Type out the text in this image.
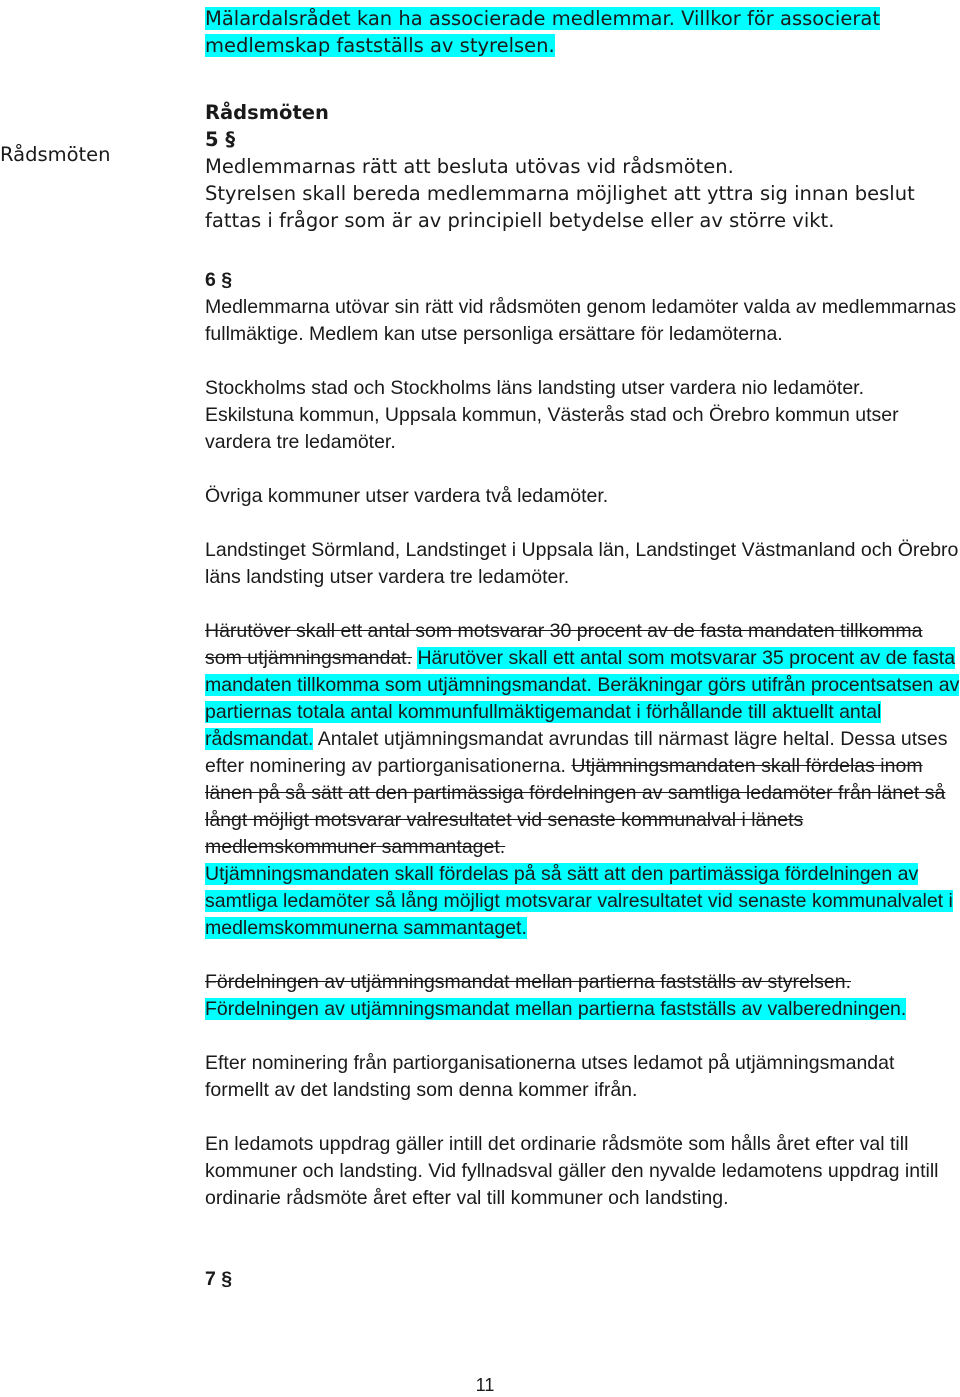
Rådsmöten

Mälardalsrådet kan ha associerade medlemmar. Villkor för associerat medlemskap fastställs av styrelsen.

Rådsmöten

5 §

Medlemmarnas rätt att besluta utövas vid rådsmöten.

Styrelsen skall bereda medlemmarna möjlighet att yttra sig innan beslut fattas i frågor som är av principiell betydelse eller av större vikt.

6 §

Medlemmarna utövar sin rätt vid rådsmöten genom ledamöter valda av medlemmarnas fullmäktige. Medlem kan utse personliga ersättare för ledamöterna.

Stockholms stad och Stockholms läns landsting utser vardera nio ledamöter.

Eskilstuna kommun, Uppsala kommun, Västerås stad och Örebro kommun utser vardera tre ledamöter.

Övriga kommuner utser vardera två ledamöter.

Landstinget Sörmland, Landstinget i Uppsala län, Landstinget Västmanland och Örebro läns landsting utser vardera tre ledamöter.

Härutöver skall ett antal som motsvarar 30 procent av de fasta mandaten tillkomma som utjämningsmandat. Härutöver skall ett antal som motsvarar 35 procent av de fasta mandaten tillkomma som utjämningsmandat. Beräkningar görs utifrån procentsatsen av partiernas totala antal kommunfullmäktigemandat i förhållande till aktuellt antal rådsmandat. Antalet utjämningsmandat avrundas till närmast lägre heltal. Dessa utses efter nominering av partiorganisationerna. Utjämningsmandaten skall fördelas inom länen på så sätt att den partimässiga fördelningen av samtliga ledamöter från länet så långt möjligt motsvarar valresultatet vid senaste kommunalval i länets medlemskommuner sammantaget.

Utjämningsmandaten skall fördelas på så sätt att den partimässiga fördelningen av samtliga ledamöter så lång möjligt motsvarar valresultatet vid senaste kommunalvalet i medlemskommunerna sammantaget.

Fördelningen av utjämningsmandat mellan partierna fastställs av styrelsen.

Fördelningen av utjämningsmandat mellan partierna fastställs av valberedningen.

Efter nominering från partiorganisationerna utses ledamot på utjämningsmandat formellt av det landsting som denna kommer ifrån.

En ledamots uppdrag gäller intill det ordinarie rådsmöte som hålls året efter val till kommuner och landsting. Vid fyllnadsval gäller den nyvalde ledamotens uppdrag intill ordinarie rådsmöte året efter val till kommuner och landsting.

7 §

11
